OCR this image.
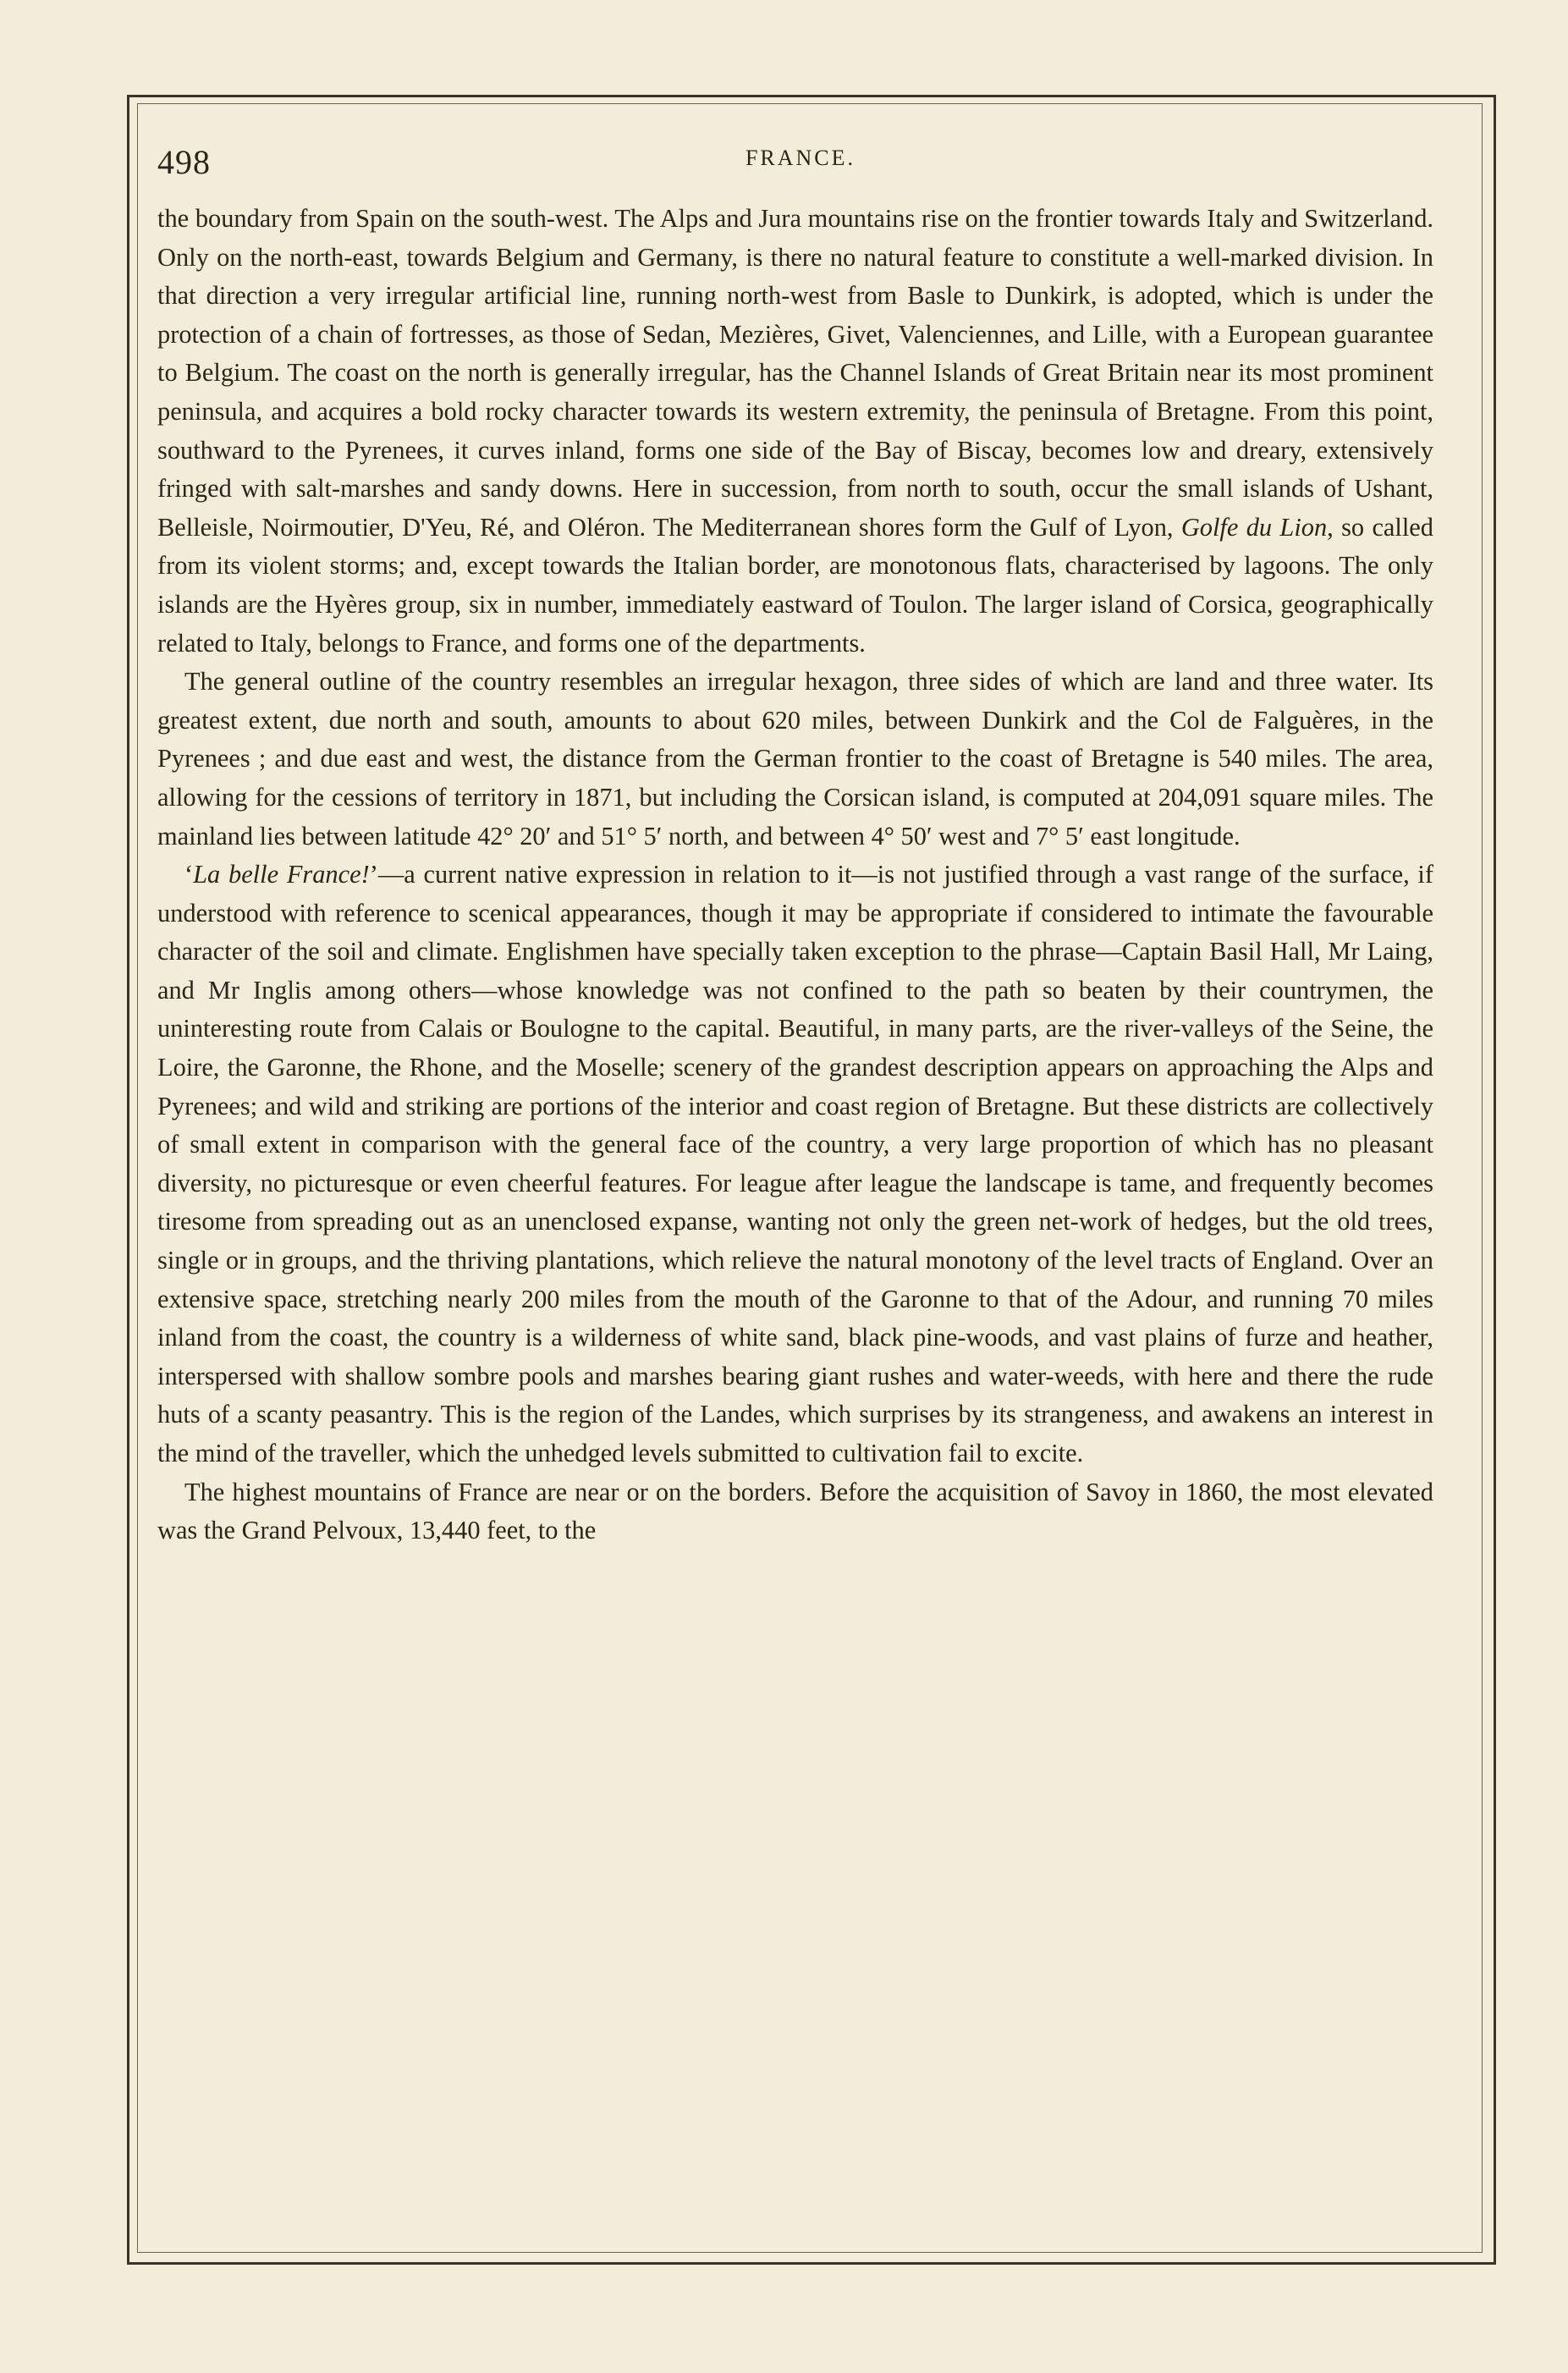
498	FRANCE.

the boundary from Spain on the south-west. The Alps and Jura mountains rise on the frontier towards Italy and Switzerland. Only on the north-east, towards Belgium and Germany, is there no natural feature to constitute a well-marked division. In that direction a very irregular artificial line, running north-west from Basle to Dunkirk, is adopted, which is under the protection of a chain of fortresses, as those of Sedan, Mezières, Givet, Valenciennes, and Lille, with a European guarantee to Belgium. The coast on the north is generally irregular, has the Channel Islands of Great Britain near its most prominent peninsula, and acquires a bold rocky character towards its western extremity, the peninsula of Bretagne. From this point, southward to the Pyrenees, it curves inland, forms one side of the Bay of Biscay, becomes low and dreary, extensively fringed with salt-marshes and sandy downs. Here in succession, from north to south, occur the small islands of Ushant, Belleisle, Noirmoutier, D'Yeu, Ré, and Oléron. The Mediterranean shores form the Gulf of Lyon, Golfe du Lion, so called from its violent storms; and, except towards the Italian border, are monotonous flats, characterised by lagoons. The only islands are the Hyères group, six in number, immediately eastward of Toulon. The larger island of Corsica, geographically related to Italy, belongs to France, and forms one of the departments.

The general outline of the country resembles an irregular hexagon, three sides of which are land and three water. Its greatest extent, due north and south, amounts to about 620 miles, between Dunkirk and the Col de Falguères, in the Pyrenees ; and due east and west, the distance from the German frontier to the coast of Bretagne is 540 miles. The area, allowing for the cessions of territory in 1871, but including the Corsican island, is computed at 204,091 square miles. The mainland lies between latitude 42° 20′ and 51° 5′ north, and between 4° 50′ west and 7° 5′ east longitude.

‘La belle France!’—a current native expression in relation to it—is not justified through a vast range of the surface, if understood with reference to scenical appearances, though it may be appropriate if considered to intimate the favourable character of the soil and climate. Englishmen have specially taken exception to the phrase—Captain Basil Hall, Mr Laing, and Mr Inglis among others—whose knowledge was not confined to the path so beaten by their countrymen, the uninteresting route from Calais or Boulogne to the capital. Beautiful, in many parts, are the river-valleys of the Seine, the Loire, the Garonne, the Rhone, and the Moselle; scenery of the grandest description appears on approaching the Alps and Pyrenees; and wild and striking are portions of the interior and coast region of Bretagne. But these districts are collectively of small extent in comparison with the general face of the country, a very large proportion of which has no pleasant diversity, no picturesque or even cheerful features. For league after league the landscape is tame, and frequently becomes tiresome from spreading out as an unenclosed expanse, wanting not only the green net-work of hedges, but the old trees, single or in groups, and the thriving plantations, which relieve the natural monotony of the level tracts of England. Over an extensive space, stretching nearly 200 miles from the mouth of the Garonne to that of the Adour, and running 70 miles inland from the coast, the country is a wilderness of white sand, black pine-woods, and vast plains of furze and heather, interspersed with shallow sombre pools and marshes bearing giant rushes and water-weeds, with here and there the rude huts of a scanty peasantry. This is the region of the Landes, which surprises by its strangeness, and awakens an interest in the mind of the traveller, which the unhedged levels submitted to cultivation fail to excite.

The highest mountains of France are near or on the borders. Before the acquisition of Savoy in 1860, the most elevated was the Grand Pelvoux, 13,440 feet, to the
